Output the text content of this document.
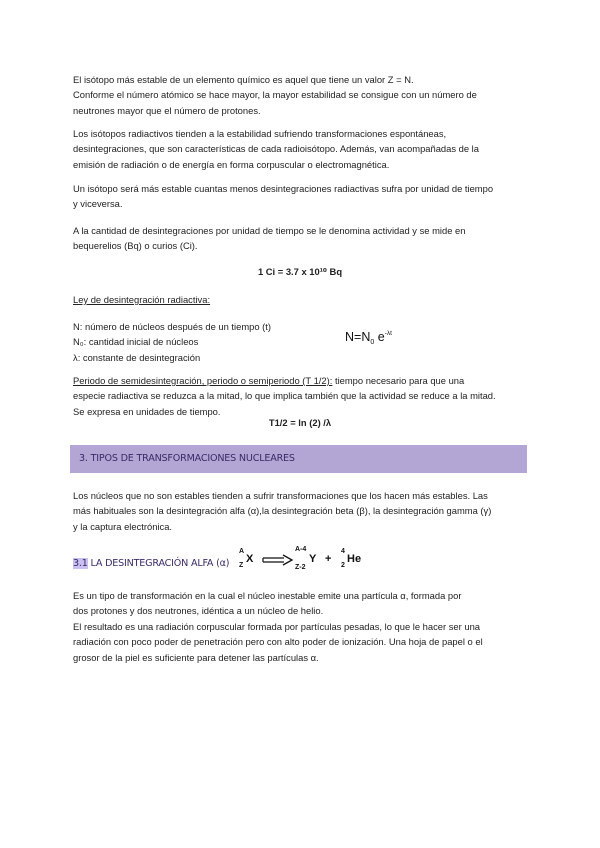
El isótopo más estable de un elemento químico es aquel que tiene un valor Z = N.

Conforme el número atómico se hace mayor, la mayor estabilidad se consigue con un número de

neutrones mayor que el número de protones.

Los isótopos radiactivos tienden a la estabilidad sufriendo transformaciones espontáneas,

desintegraciones, que son características de cada radioisótopo. Además, van acompañadas de la

emisión de radiación o de energía en forma corpuscular o electromagnética.

Un isótopo será más estable cuantas menos desintegraciones radiactivas sufra por unidad de tiempo

y viceversa.

A la cantidad de desintegraciones por unidad de tiempo se le denomina actividad y se mide en

bequerelios (Bq) o curios (Ci).

1 Ci = 3.7 x 10¹⁰ Bq

Ley de desintegración radiactiva:

N: número de núcleos después de un tiempo (t)

N₀: cantidad inicial de núcleos

λ: constante de desintegración

$N=N_0$ $e^{-\lambda t}$

Periodo de semidesintegración, periodo o semiperiodo (T 1/2): tiempo necesario para que una

especie radiactiva se reduzca a la mitad, lo que implica también que la actividad se reduce a la mitad.

Se expresa en unidades de tiempo.

T1/2 = ln (2) /λ
3. TIPOS DE TRANSFORMACIONES NUCLEARES

Los núcleos que no son estables tienden a sufrir transformaciones que los hacen más estables. Las

más habituales son la desintegración alfa (α),la desintegración beta (β), la desintegración gamma (γ)

y la captura electrónica.

3.1 LA DESINTEGRACIÓN ALFA (α)
A
Z
X
A-4
Z-2
Y +
4
2
He

Es un tipo de transformación en la cual el núcleo inestable emite una partícula α, formada por

dos protones y dos neutrones, idéntica a un núcleo de helio.

El resultado es una radiación corpuscular formada por partículas pesadas, lo que le hacer ser una

radiación con poco poder de penetración pero con alto poder de ionización. Una hoja de papel o el

grosor de la piel es suficiente para detener las partículas α.
